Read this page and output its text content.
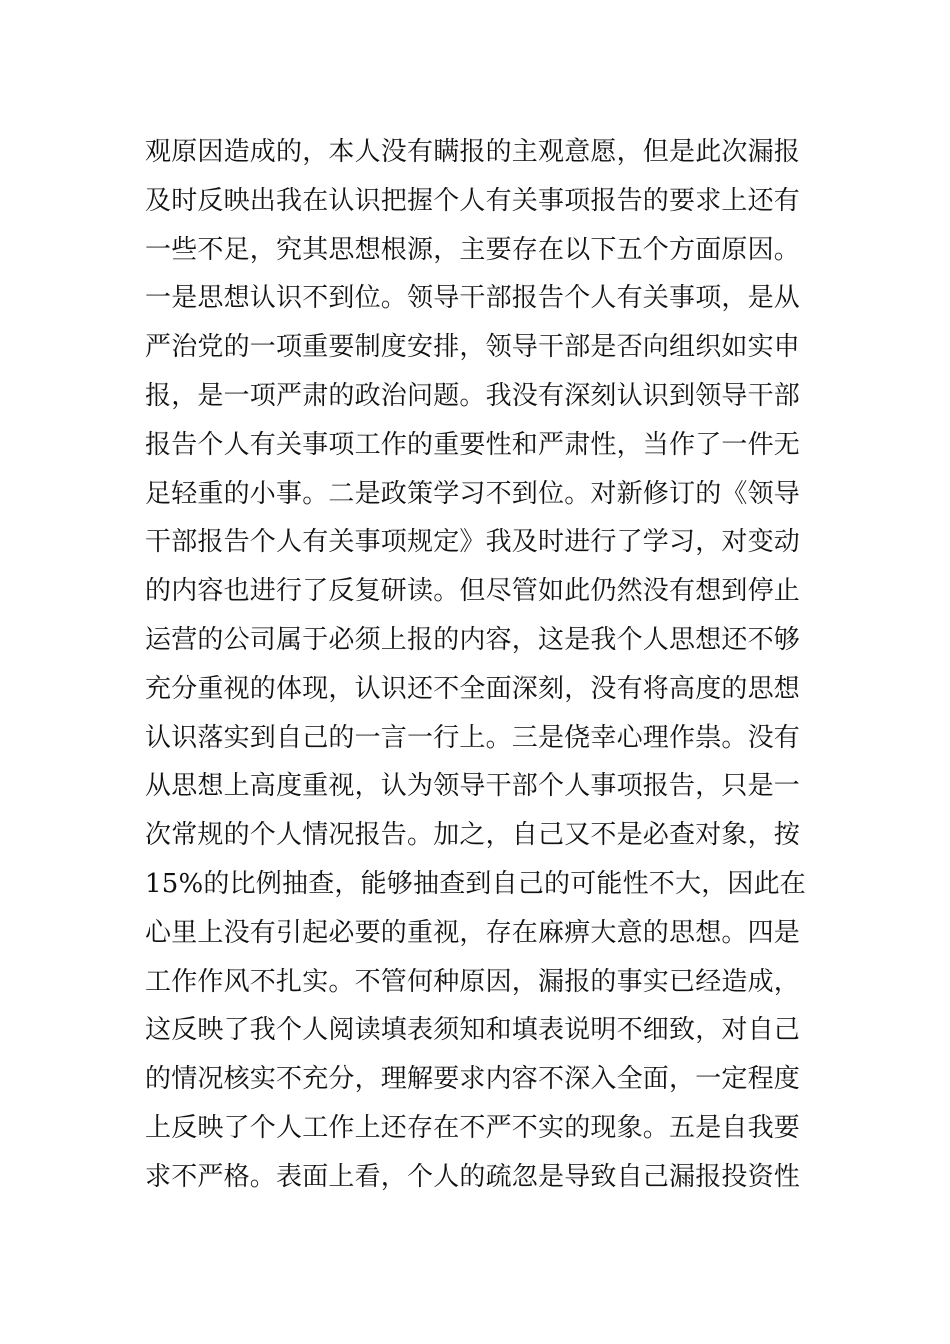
观原因造成的，本人没有瞒报的主观意愿，但是此次漏报
及时反映出我在认识把握个人有关事项报告的要求上还有
一些不足，究其思想根源，主要存在以下五个方面原因。
一是思想认识不到位。领导干部报告个人有关事项，是从
严治党的一项重要制度安排，领导干部是否向组织如实申
报，是一项严肃的政治问题。我没有深刻认识到领导干部
报告个人有关事项工作的重要性和严肃性，当作了一件无
足轻重的小事。二是政策学习不到位。对新修订的《领导
干部报告个人有关事项规定》我及时进行了学习，对变动
的内容也进行了反复研读。但尽管如此仍然没有想到停止
运营的公司属于必须上报的内容，这是我个人思想还不够
充分重视的体现，认识还不全面深刻，没有将高度的思想
认识落实到自己的一言一行上。三是侥幸心理作祟。没有
从思想上高度重视，认为领导干部个人事项报告，只是一
次常规的个人情况报告。加之，自己又不是必查对象，按
15%的比例抽查，能够抽查到自己的可能性不大，因此在
心里上没有引起必要的重视，存在麻痹大意的思想。四是
工作作风不扎实。不管何种原因，漏报的事实已经造成，
这反映了我个人阅读填表须知和填表说明不细致，对自己
的情况核实不充分，理解要求内容不深入全面，一定程度
上反映了个人工作上还存在不严不实的现象。五是自我要
求不严格。表面上看，个人的疏忽是导致自己漏报投资性
